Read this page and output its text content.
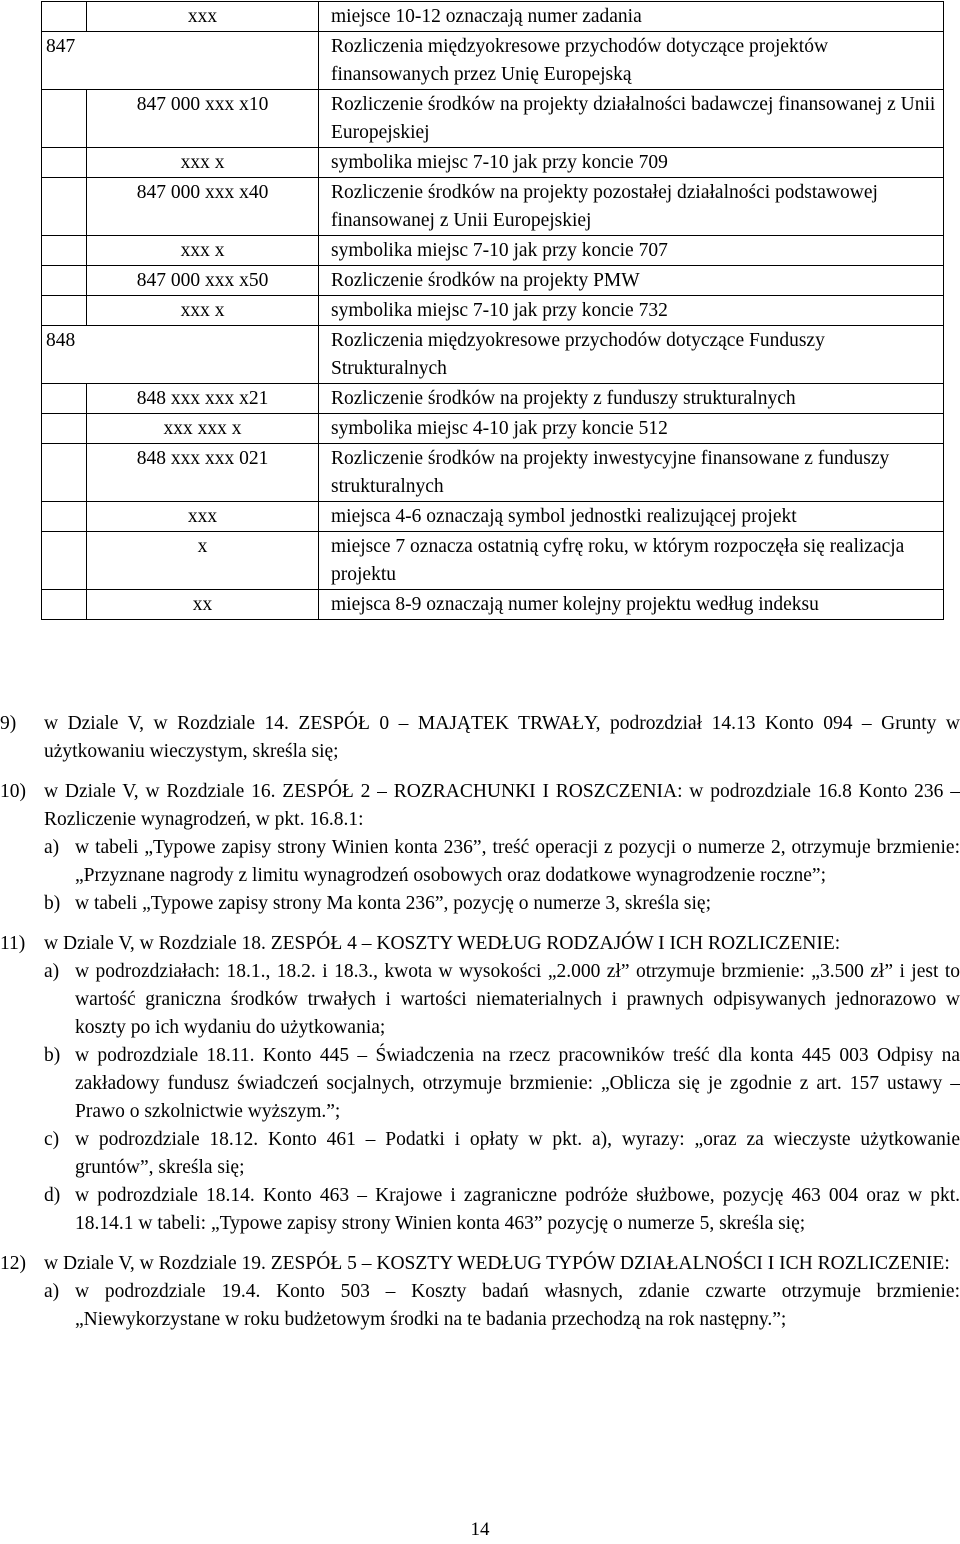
	xxx	miejsce 10-12 oznaczają numer zadania
847		Rozliczenia międzyokresowe przychodów dotyczące projektów finansowanych przez Unię Europejską
	847 000 xxx x10	Rozliczenie środków na projekty działalności badawczej finansowanej z Unii Europejskiej
	xxx x	symbolika miejsc 7-10 jak przy koncie 709
	847 000 xxx x40	Rozliczenie środków na projekty pozostałej działalności podstawowej finansowanej z Unii Europejskiej
	xxx x	symbolika miejsc 7-10 jak przy koncie 707
	847 000 xxx x50	Rozliczenie środków na projekty PMW
	xxx x	symbolika miejsc 7-10 jak przy koncie 732
848		Rozliczenia międzyokresowe przychodów dotyczące Funduszy Strukturalnych
	848 xxx xxx x21	Rozliczenie środków na projekty z funduszy strukturalnych
	xxx xxx x	symbolika miejsc 4-10 jak przy koncie 512
	848 xxx xxx 021	Rozliczenie środków na projekty inwestycyjne finansowane z funduszy strukturalnych
	xxx	miejsca 4-6 oznaczają symbol jednostki realizującej projekt
	x	miejsce 7 oznacza ostatnią cyfrę roku, w którym rozpoczęła się realizacja projektu
	xx	miejsca 8-9 oznaczają numer kolejny projektu według indeksu
9)	w Dziale V, w Rozdziale 14. ZESPÓŁ 0 – MAJĄTEK TRWAŁY, podrozdział 14.13 Konto 094 – Grunty w użytkowaniu wieczystym, skreśla się;

10) w Dziale V, w Rozdziale 16. ZESPÓŁ 2 – ROZRACHUNKI I ROSZCZENIA: w podrozdziale 16.8 Konto 236 – Rozliczenie wynagrodzeń, w pkt. 16.8.1:

a) w tabeli „Typowe zapisy strony Winien konta 236”, treść operacji z pozycji o numerze 2, otrzymuje brzmienie: „Przyznane nagrody z limitu wynagrodzeń osobowych oraz dodatkowe wynagrodzenie roczne”;
b) w tabeli „Typowe zapisy strony Ma konta 236”, pozycję o numerze 3, skreśla się;
11) w Dziale V, w Rozdziale 18. ZESPÓŁ 4 – KOSZTY WEDŁUG RODZAJÓW I ICH ROZLICZENIE:

a) w podrozdziałach: 18.1., 18.2. i 18.3., kwota w wysokości „2.000 zł” otrzymuje brzmienie: „3.500 zł” i jest to wartość graniczna środków trwałych i wartości niematerialnych i prawnych odpisywanych jednorazowo w koszty po ich wydaniu do użytkowania;
b) w podrozdziale 18.11. Konto 445 – Świadczenia na rzecz pracowników treść dla konta 445 003 Odpisy na zakładowy fundusz świadczeń socjalnych, otrzymuje brzmienie: „Oblicza się je zgodnie z art. 157 ustawy – Prawo o szkolnictwie wyższym.”;
c) w podrozdziale 18.12. Konto 461 – Podatki i opłaty w pkt. a), wyrazy: „oraz za wieczyste użytkowanie gruntów”, skreśla się;
d) w podrozdziale 18.14. Konto 463 – Krajowe i zagraniczne podróże służbowe, pozycję 463 004 oraz w pkt. 18.14.1 w tabeli: „Typowe zapisy strony Winien konta 463” pozycję o numerze 5, skreśla się;
12) w Dziale V, w Rozdziale 19. ZESPÓŁ 5 – KOSZTY WEDŁUG TYPÓW DZIAŁALNOŚCI I ICH ROZLICZENIE:

a) w podrozdziale 19.4. Konto 503 – Koszty badań własnych, zdanie czwarte otrzymuje brzmienie: „Niewykorzystane w roku budżetowym środki na te badania przechodzą na rok następny.”;
14
